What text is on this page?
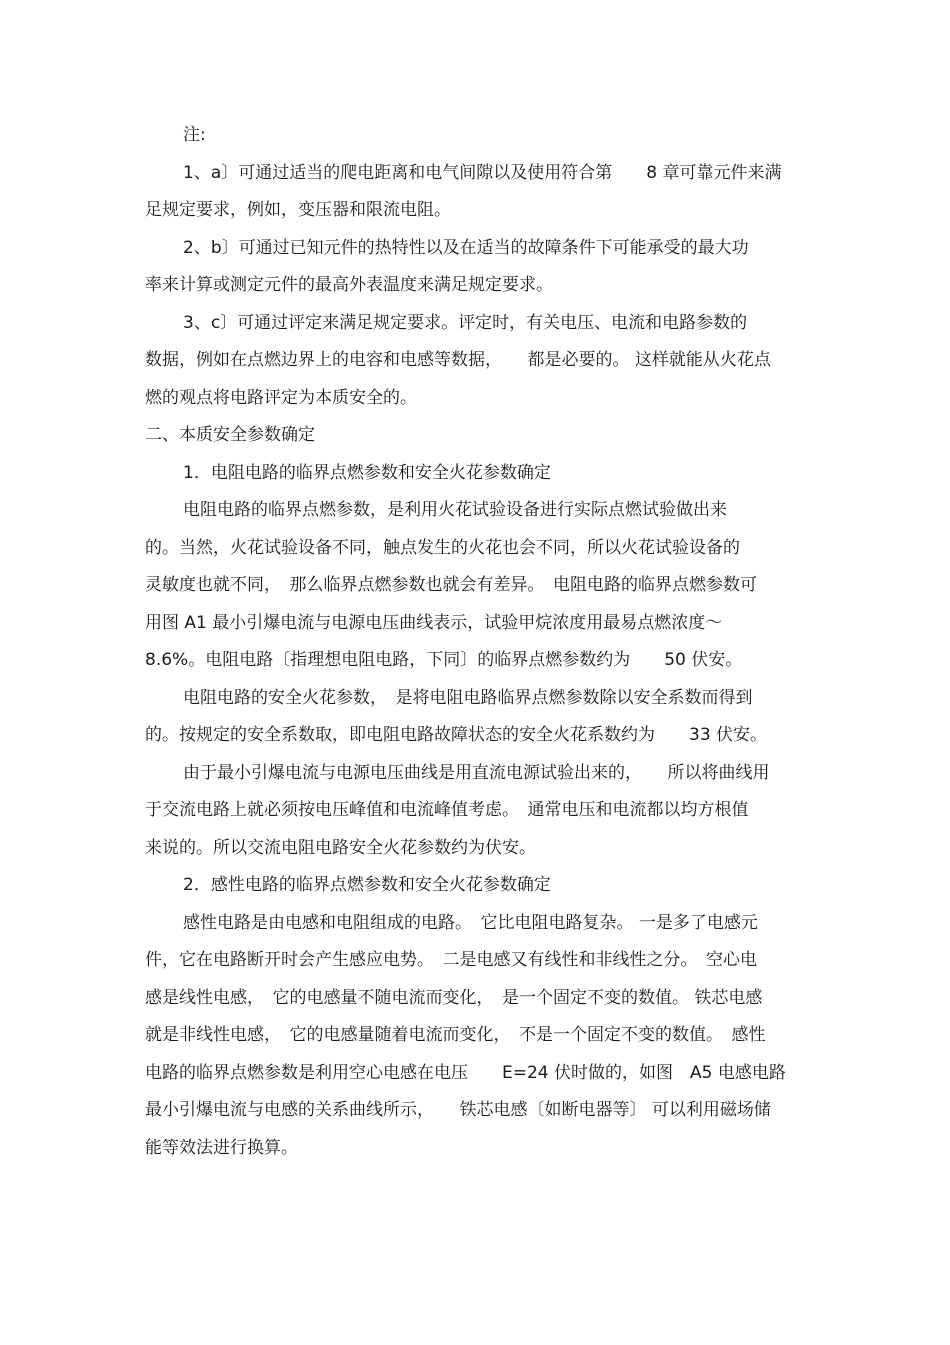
注:
1、a〕可通过适当的爬电距离和电气间隙以及使用符合第　　8 章可靠元件来满
足规定要求，例如，变压器和限流电阻。
2、b〕可通过已知元件的热特性以及在适当的故障条件下可能承受的最大功
率来计算或测定元件的最高外表温度来满足规定要求。
3、c〕可通过评定来满足规定要求。评定时，有关电压、电流和电路参数的
数据，例如在点燃边界上的电容和电感等数据，　　都是必要的。 这样就能从火花点
燃的观点将电路评定为本质安全的。
二、本质安全参数确定
1．电阻电路的临界点燃参数和安全火花参数确定
电阻电路的临界点燃参数，是利用火花试验设备进行实际点燃试验做出来
的。当然，火花试验设备不同，触点发生的火花也会不同，所以火花试验设备的
灵敏度也就不同，　那么临界点燃参数也就会有差异。　电阻电路的临界点燃参数可
用图 A1 最小引爆电流与电源电压曲线表示，试验甲烷浓度用最易点燃浓度～
8.6%。电阻电路〔指理想电阻电路，下同〕的临界点燃参数约为　　50 伏安。
电阻电路的安全火花参数，　是将电阻电路临界点燃参数除以安全系数而得到
的。按规定的安全系数取，即电阻电路故障状态的安全火花系数约为　　33 伏安。
由于最小引爆电流与电源电压曲线是用直流电源试验出来的，　　所以将曲线用
于交流电路上就必须按电压峰值和电流峰值考虑。　通常电压和电流都以均方根值
来说的。所以交流电阻电路安全火花参数约为伏安。
2．感性电路的临界点燃参数和安全火花参数确定
感性电路是由电感和电阻组成的电路。　它比电阻电路复杂。 一是多了电感元
件，它在电路断开时会产生感应电势。　二是电感又有线性和非线性之分。　空心电
感是线性电感，　它的电感量不随电流而变化，　是一个固定不变的数值。 铁芯电感
就是非线性电感，　它的电感量随着电流而变化，　不是一个固定不变的数值。　感性
电路的临界点燃参数是利用空心电感在电压　　E=24 伏时做的，如图　A5 电感电路
最小引爆电流与电感的关系曲线所示，　　铁芯电感〔如断电器等〕 可以利用磁场储
能等效法进行换算。
